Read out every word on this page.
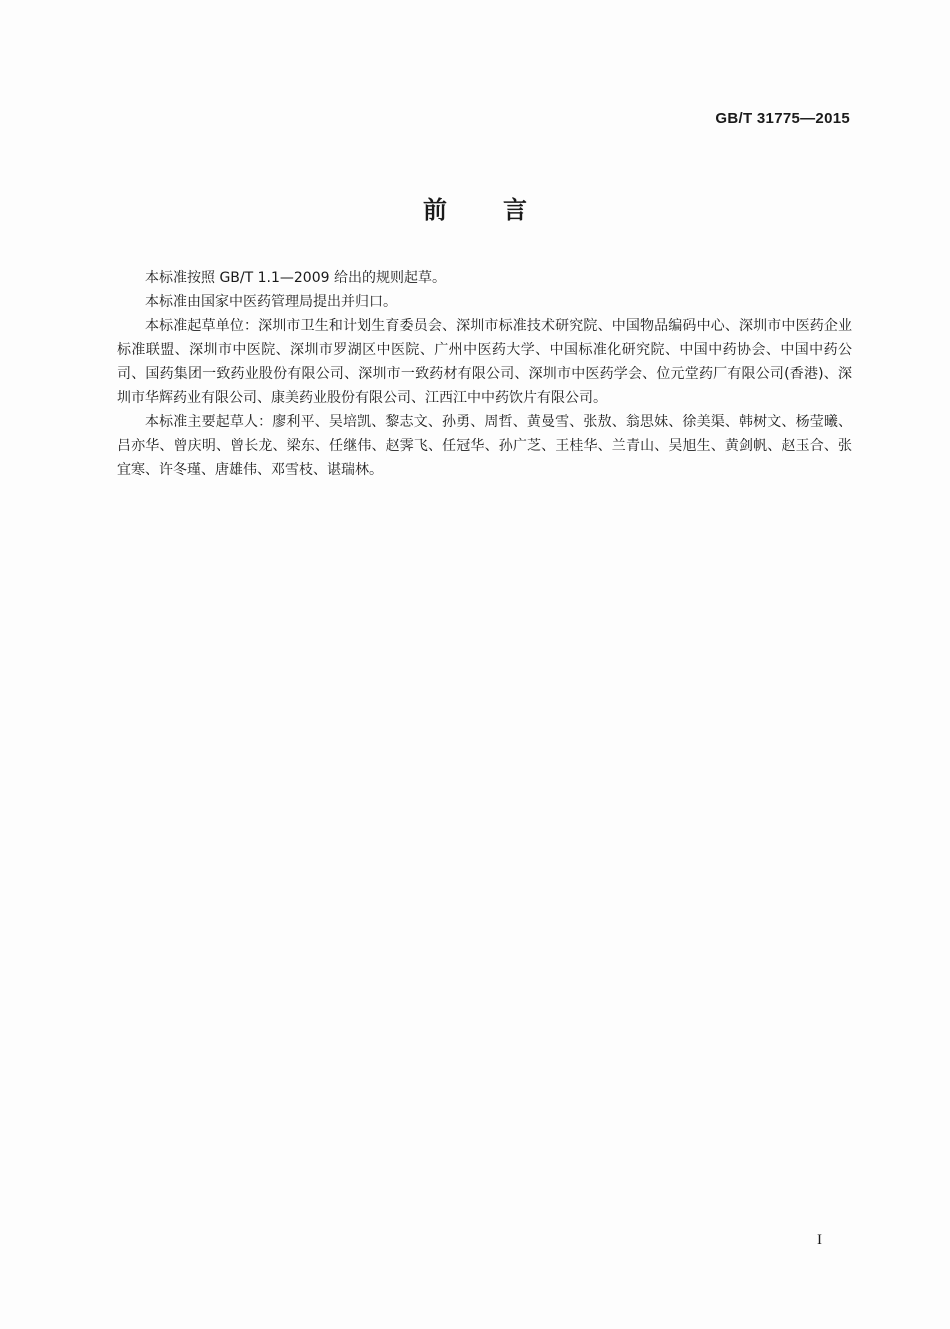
GB/T 31775—2015
前言

本标准按照 GB/T 1.1—2009 给出的规则起草。

本标准由国家中医药管理局提出并归口。

本标准起草单位：深圳市卫生和计划生育委员会、深圳市标准技术研究院、中国物品编码中心、深圳市中医药企业标准联盟、深圳市中医院、深圳市罗湖区中医院、广州中医药大学、中国标准化研究院、中国中药协会、中国中药公司、国药集团一致药业股份有限公司、深圳市一致药材有限公司、深圳市中医药学会、位元堂药厂有限公司(香港)、深圳市华辉药业有限公司、康美药业股份有限公司、江西江中中药饮片有限公司。

本标准主要起草人：廖利平、吴培凯、黎志文、孙勇、周哲、黄曼雪、张敖、翁思妹、徐美渠、韩树文、杨莹曦、吕亦华、曾庆明、曾长龙、梁东、任继伟、赵霁飞、任冠华、孙广芝、王桂华、兰青山、吴旭生、黄剑帆、赵玉合、张宜寒、许冬瑾、唐雄伟、邓雪枝、谌瑞林。

I
